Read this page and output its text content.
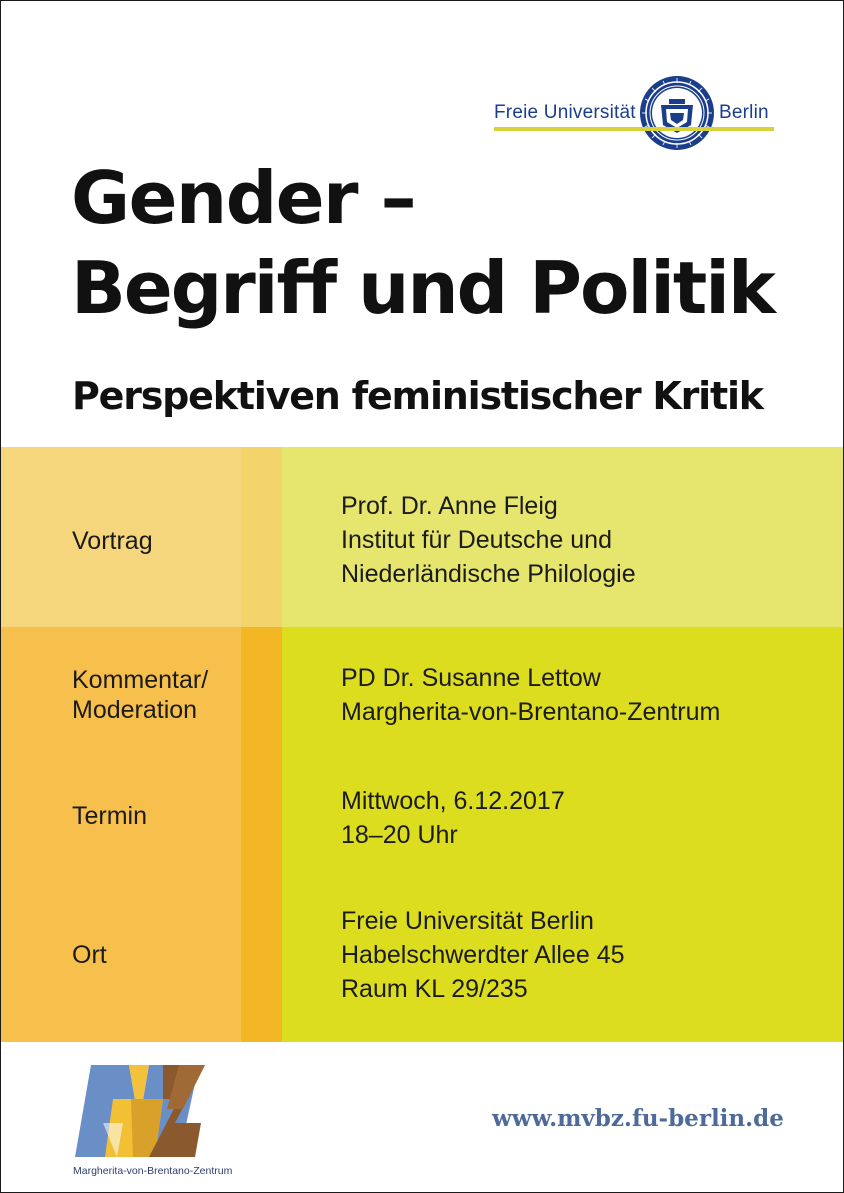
Freie Universität	Berlin
Gender –
Begriff und Politik
Perspektiven feministischer Kritik
Vortrag
Prof. Dr. Anne Fleig
Institut für Deutsche und
Niederländische Philologie
Kommentar/
Moderation
PD Dr. Susanne Lettow
Margherita-von-Brentano-Zentrum
Termin
Mittwoch, 6.12.2017
18–20 Uhr
Ort
Freie Universität Berlin
Habelschwerdter Allee 45
Raum KL 29/235
Margherita-von-Brentano-Zentrum
www.mvbz.fu-berlin.de
